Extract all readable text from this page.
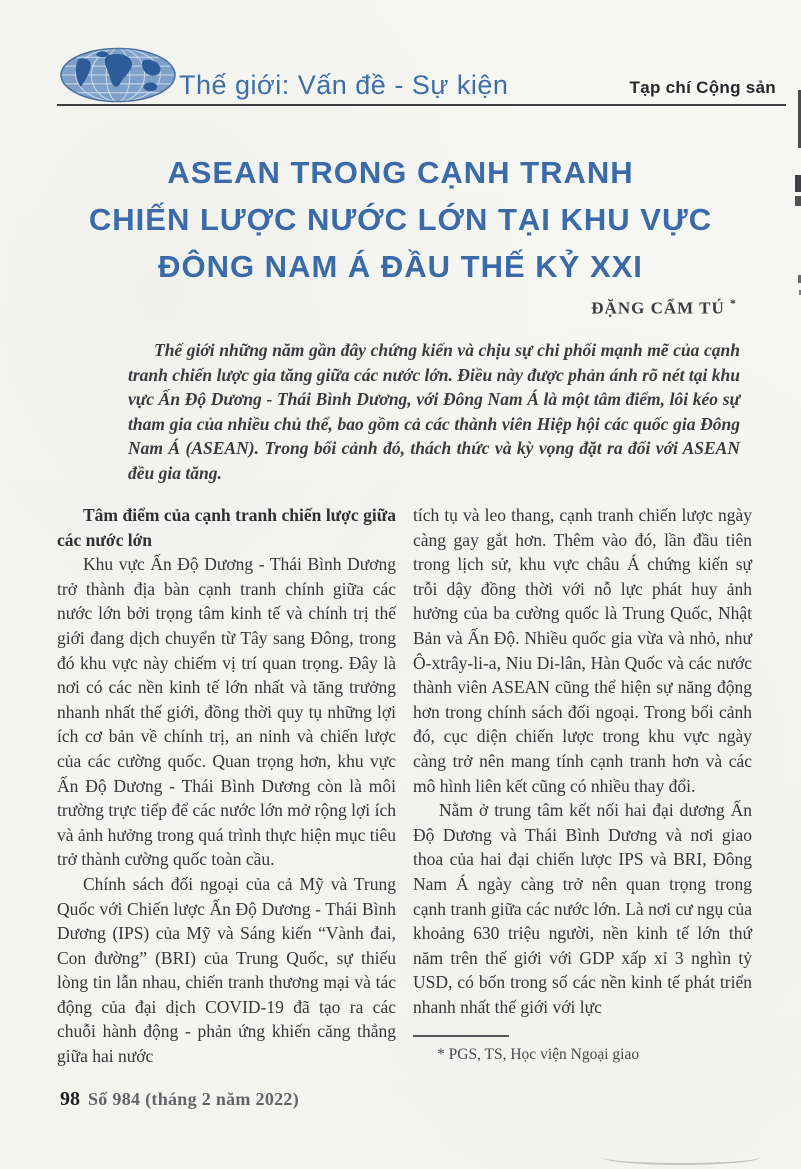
Thế giới: Vấn đề - Sự kiện	Tạp chí Cộng sản
ASEAN TRONG CẠNH TRANH
CHIẾN LƯỢC NƯỚC LỚN TẠI KHU VỰC
ĐÔNG NAM Á ĐẦU THẾ KỶ XXI
ĐẶNG CẨM TÚ *
Thế giới những năm gần đây chứng kiến và chịu sự chi phối mạnh mẽ của cạnh tranh chiến lược gia tăng giữa các nước lớn. Điều này được phản ánh rõ nét tại khu vực Ấn Độ Dương - Thái Bình Dương, với Đông Nam Á là một tâm điểm, lôi kéo sự tham gia của nhiều chủ thể, bao gồm cả các thành viên Hiệp hội các quốc gia Đông Nam Á (ASEAN). Trong bối cảnh đó, thách thức và kỳ vọng đặt ra đối với ASEAN đều gia tăng.

Tâm điểm của cạnh tranh chiến lược giữa các nước lớn

Khu vực Ấn Độ Dương - Thái Bình Dương trở thành địa bàn cạnh tranh chính giữa các nước lớn bởi trọng tâm kinh tế và chính trị thế giới đang dịch chuyển từ Tây sang Đông, trong đó khu vực này chiếm vị trí quan trọng. Đây là nơi có các nền kinh tế lớn nhất và tăng trưởng nhanh nhất thế giới, đồng thời quy tụ những lợi ích cơ bản về chính trị, an ninh và chiến lược của các cường quốc. Quan trọng hơn, khu vực Ấn Độ Dương - Thái Bình Dương còn là môi trường trực tiếp để các nước lớn mở rộng lợi ích và ảnh hưởng trong quá trình thực hiện mục tiêu trở thành cường quốc toàn cầu.

Chính sách đối ngoại của cả Mỹ và Trung Quốc với Chiến lược Ấn Độ Dương - Thái Bình Dương (IPS) của Mỹ và Sáng kiến “Vành đai, Con đường” (BRI) của Trung Quốc, sự thiếu lòng tin lẫn nhau, chiến tranh thương mại và tác động của đại dịch COVID-19 đã tạo ra các chuỗi hành động - phản ứng khiến căng thẳng giữa hai nước

tích tụ và leo thang, cạnh tranh chiến lược ngày càng gay gắt hơn. Thêm vào đó, lần đầu tiên trong lịch sử, khu vực châu Á chứng kiến sự trỗi dậy đồng thời với nỗ lực phát huy ảnh hưởng của ba cường quốc là Trung Quốc, Nhật Bản và Ấn Độ. Nhiều quốc gia vừa và nhỏ, như Ô-xtrây-li-a, Niu Di-lân, Hàn Quốc và các nước thành viên ASEAN cũng thể hiện sự năng động hơn trong chính sách đối ngoại. Trong bối cảnh đó, cục diện chiến lược trong khu vực ngày càng trở nên mang tính cạnh tranh hơn và các mô hình liên kết cũng có nhiều thay đổi.

Nằm ở trung tâm kết nối hai đại dương Ấn Độ Dương và Thái Bình Dương và nơi giao thoa của hai đại chiến lược IPS và BRI, Đông Nam Á ngày càng trở nên quan trọng trong cạnh tranh giữa các nước lớn. Là nơi cư ngụ của khoảng 630 triệu người, nền kinh tế lớn thứ năm trên thế giới với GDP xấp xỉ 3 nghìn tỷ USD, có bốn trong số các nền kinh tế phát triển nhanh nhất thế giới với lực

* PGS, TS, Học viện Ngoại giao

98 Số 984 (tháng 2 năm 2022)
